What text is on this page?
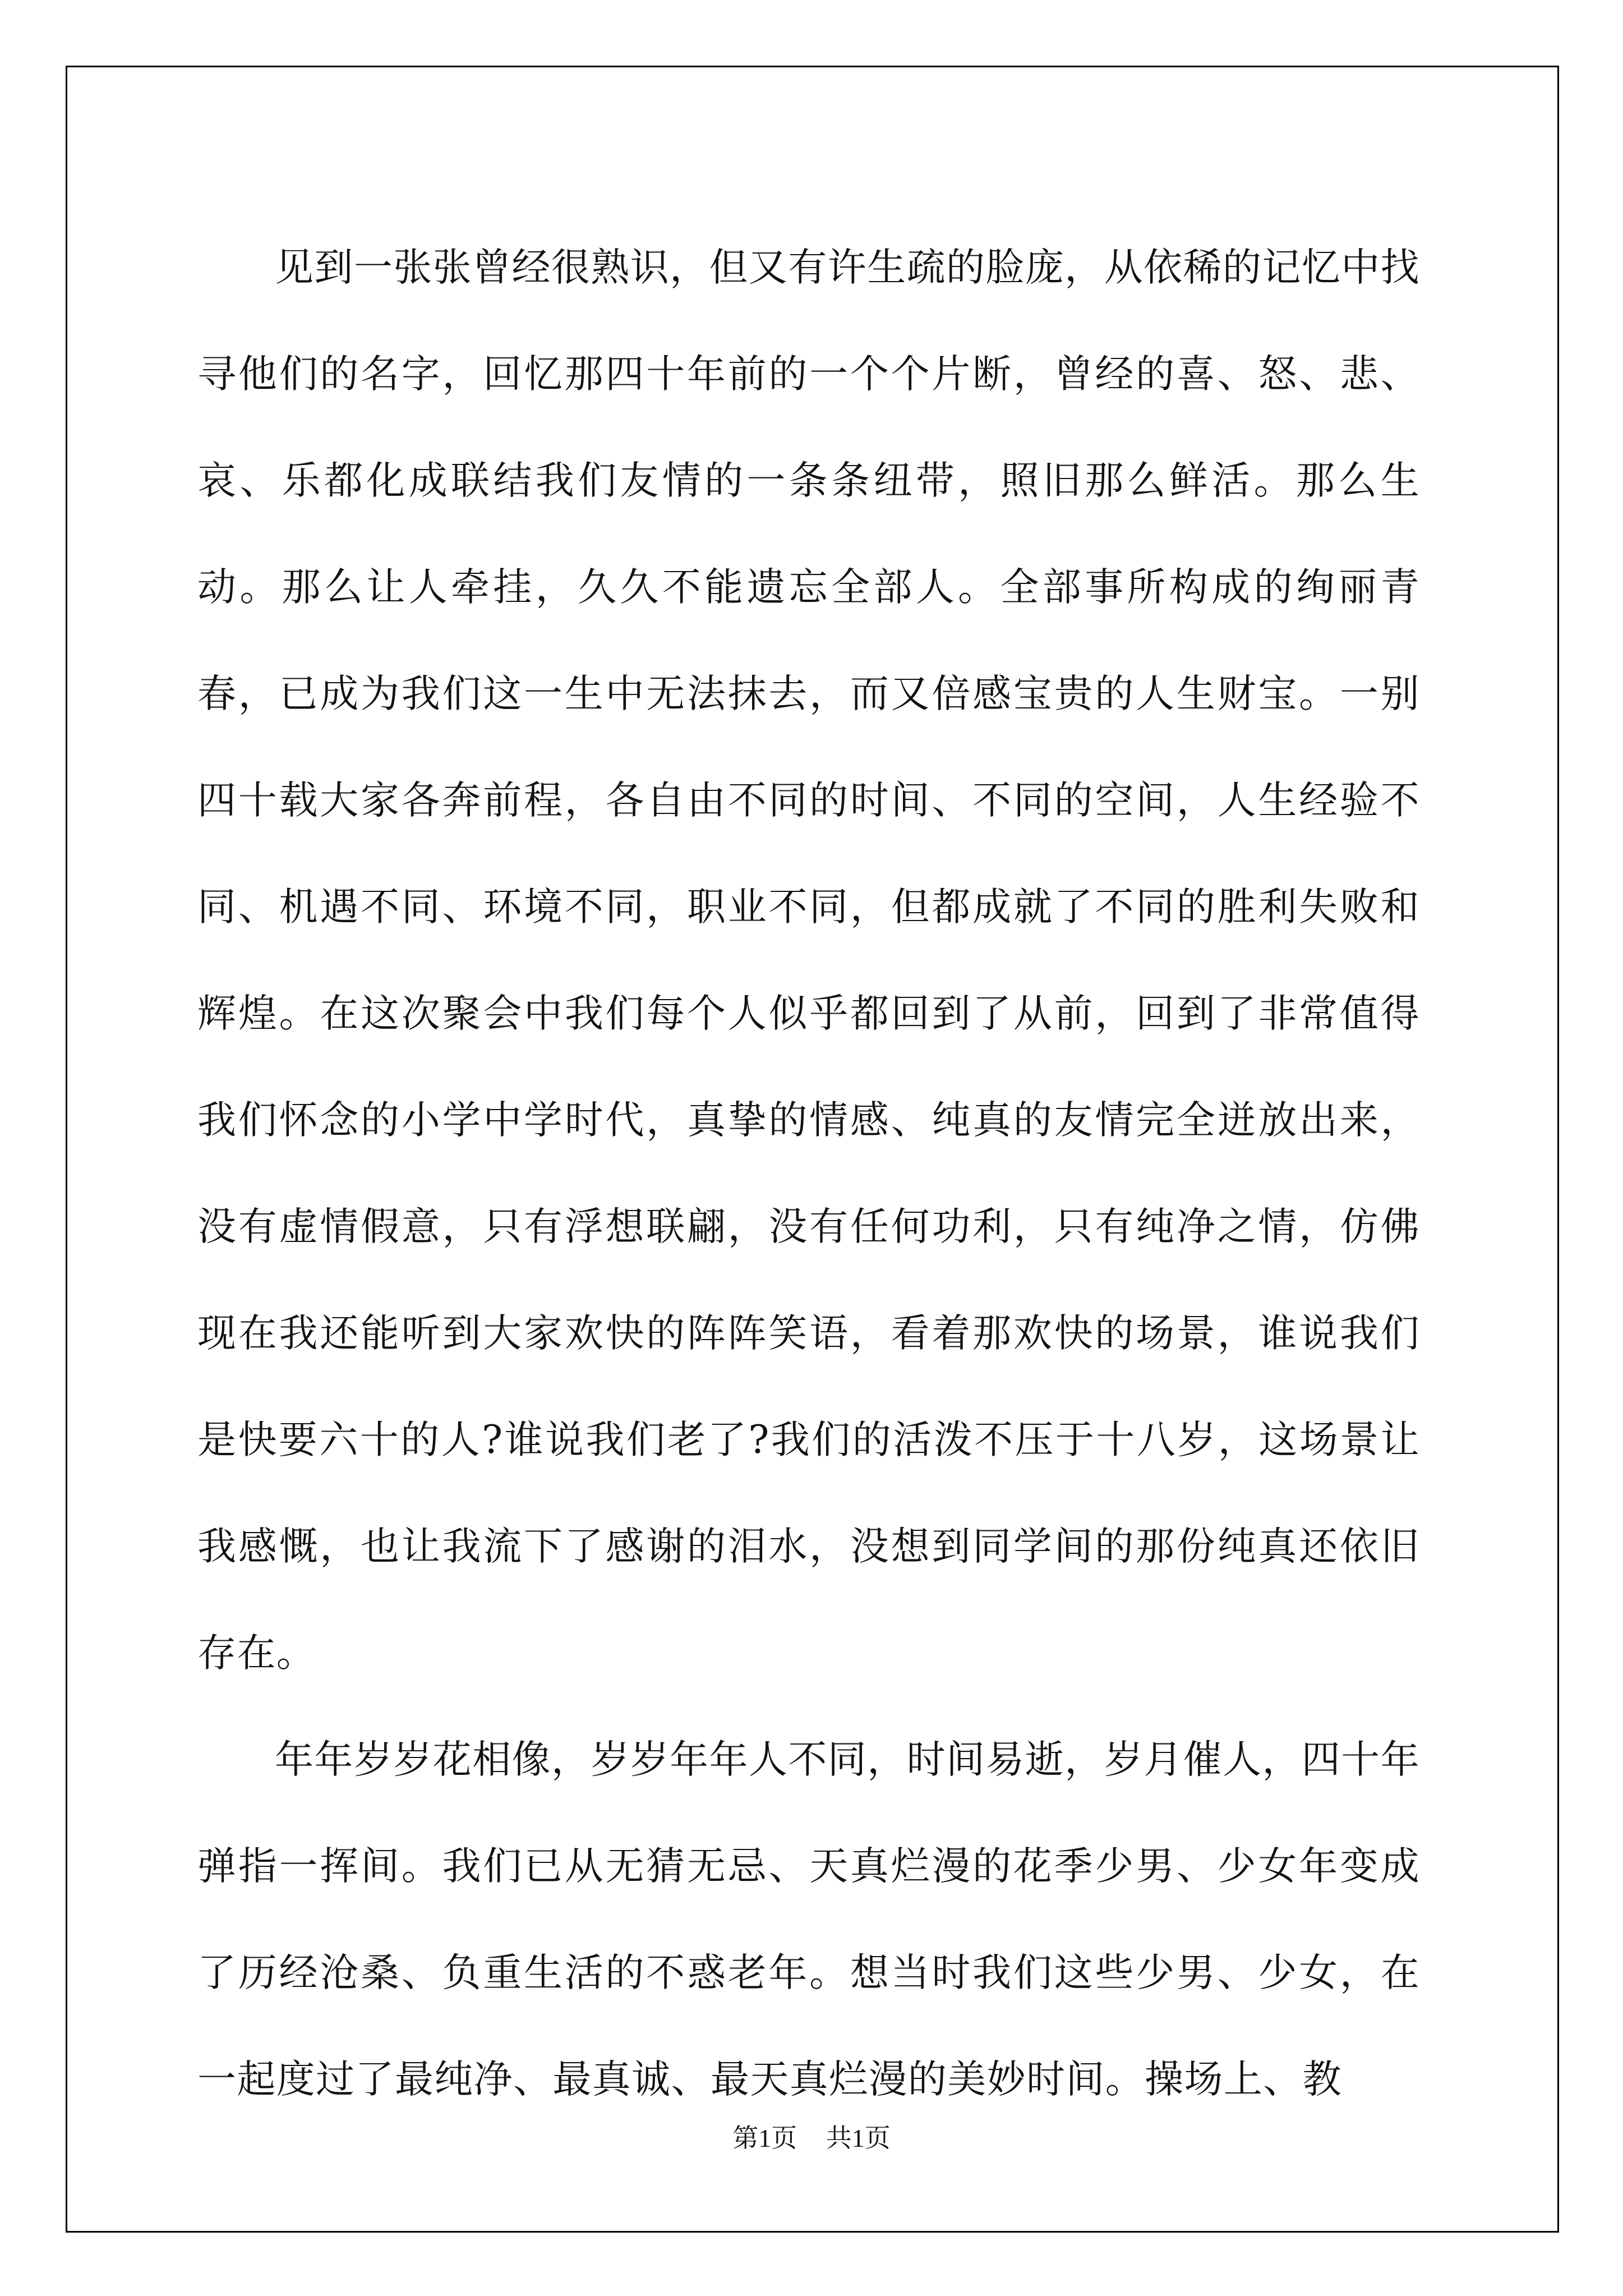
见到一张张曾经很熟识，但又有许生疏的脸庞，从依稀的记忆中找寻他们的名字，回忆那四十年前的一个个片断，曾经的喜、怒、悲、哀、乐都化成联结我们友情的一条条纽带，照旧那么鲜活。那么生动。那么让人牵挂，久久不能遗忘全部人。全部事所构成的绚丽青春，已成为我们这一生中无法抹去，而又倍感宝贵的人生财宝。一别四十载大家各奔前程，各自由不同的时间、不同的空间，人生经验不同、机遇不同、环境不同，职业不同，但都成就了不同的胜利失败和辉煌。在这次聚会中我们每个人似乎都回到了从前，回到了非常值得我们怀念的小学中学时代，真挚的情感、纯真的友情完全迸放出来，没有虚情假意，只有浮想联翩，没有任何功利，只有纯净之情，仿佛现在我还能听到大家欢快的阵阵笑语，看着那欢快的场景，谁说我们是快要六十的人?谁说我们老了?我们的活泼不压于十八岁，这场景让我感慨，也让我流下了感谢的泪水，没想到同学间的那份纯真还依旧存在。

年年岁岁花相像，岁岁年年人不同，时间易逝，岁月催人，四十年弹指一挥间。我们已从无猜无忌、天真烂漫的花季少男、少女年变成了历经沧桑、负重生活的不惑老年。想当时我们这些少男、少女，在一起度过了最纯净、最真诚、最天真烂漫的美妙时间。操场上、教

第1页 共1页
